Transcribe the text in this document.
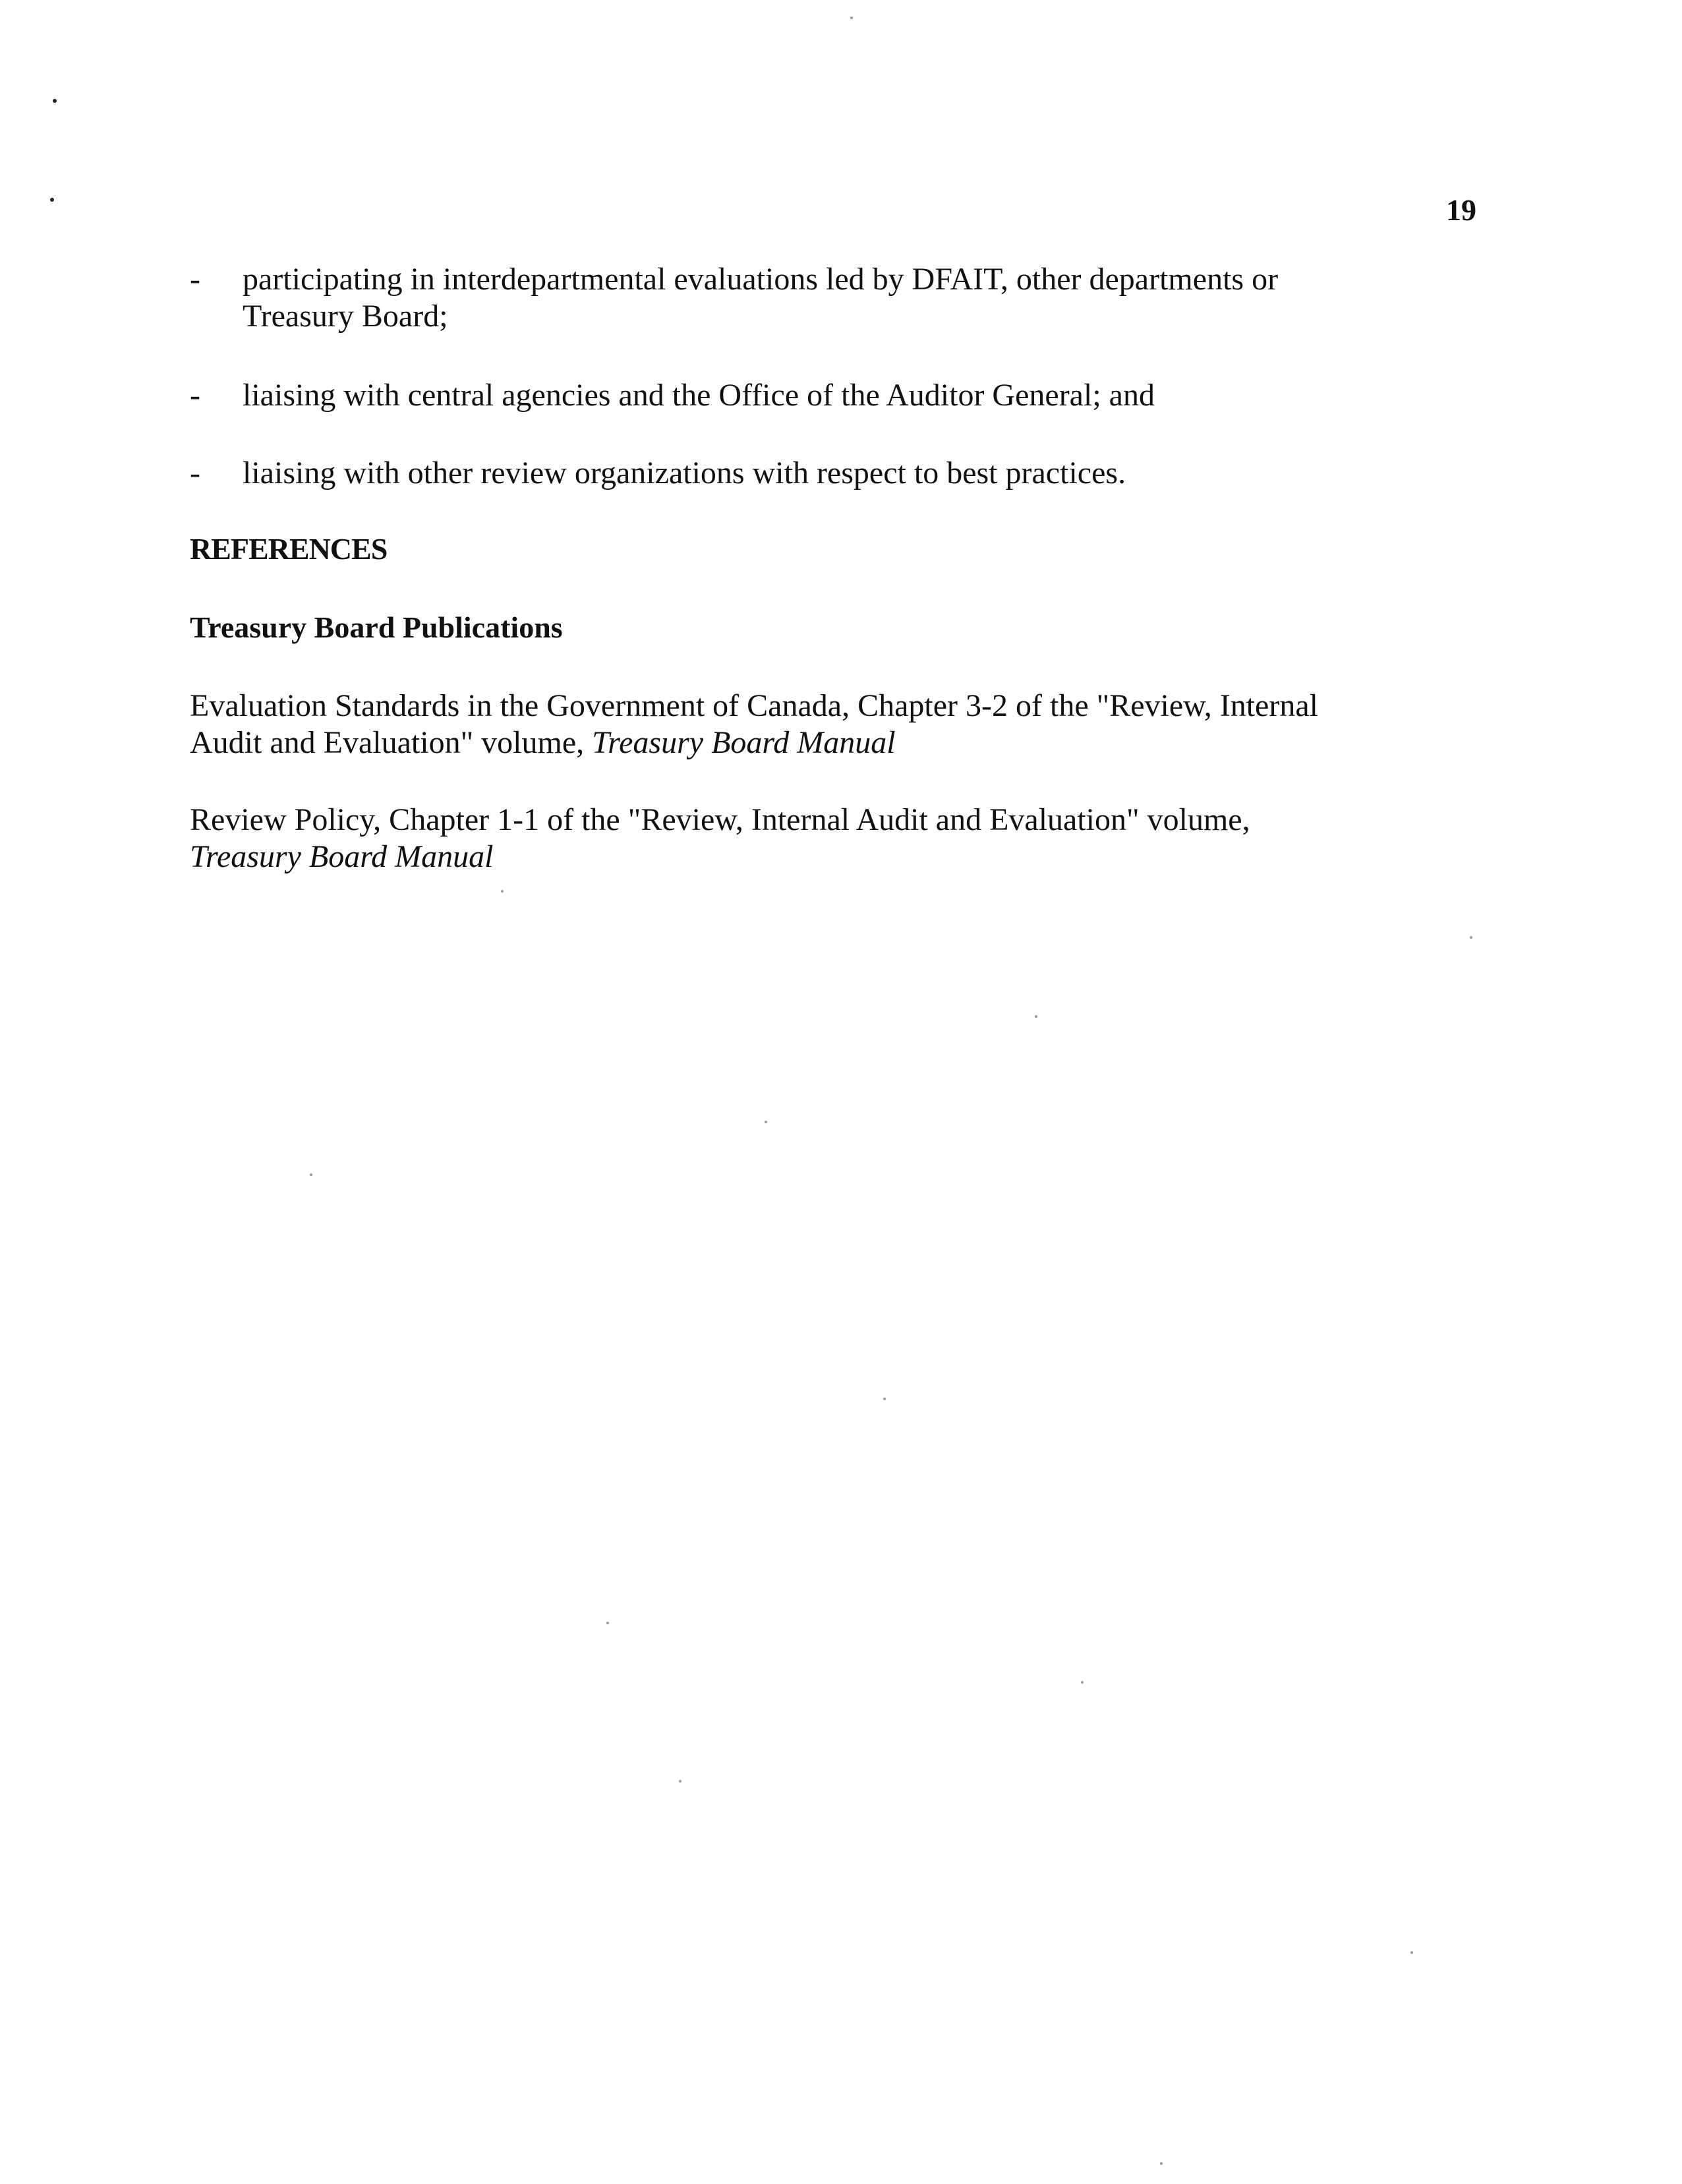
19
- participating in interdepartmental evaluations led by DFAIT, other departments or
Treasury Board;
- liaising with central agencies and the Office of the Auditor General; and
- liaising with other review organizations with respect to best practices.
REFERENCES
Treasury Board Publications
Evaluation Standards in the Government of Canada, Chapter 3-2 of the "Review, Internal
Audit and Evaluation" volume, Treasury Board Manual
Review Policy, Chapter 1-1 of the "Review, Internal Audit and Evaluation" volume,
Treasury Board Manual
